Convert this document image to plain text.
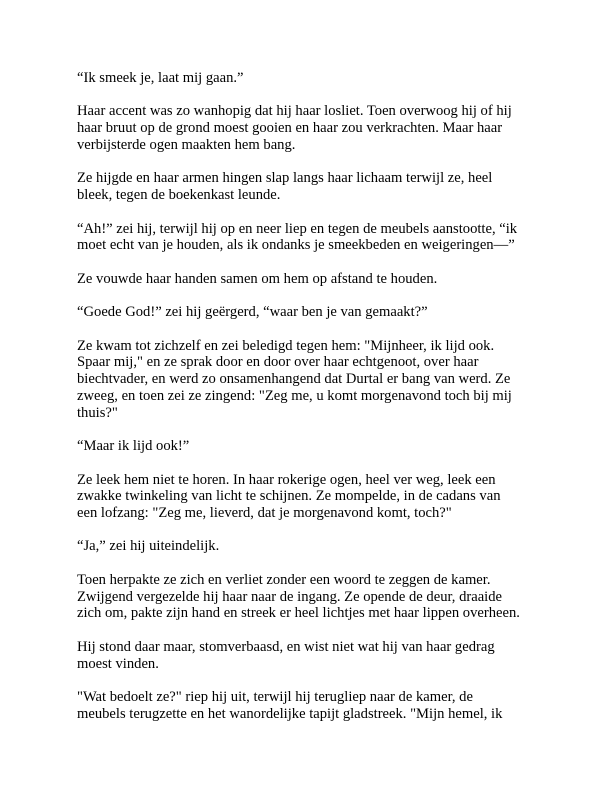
“Ik smeek je, laat mij gaan.”

Haar accent was zo wanhopig dat hij haar losliet. Toen overwoog hij of hij
haar bruut op de grond moest gooien en haar zou verkrachten. Maar haar
verbijsterde ogen maakten hem bang.

Ze hijgde en haar armen hingen slap langs haar lichaam terwijl ze, heel
bleek, tegen de boekenkast leunde.

“Ah!” zei hij, terwijl hij op en neer liep en tegen de meubels aanstootte, “ik
moet echt van je houden, als ik ondanks je smeekbeden en weigeringen—”

Ze vouwde haar handen samen om hem op afstand te houden.

“Goede God!” zei hij geërgerd, “waar ben je van gemaakt?”

Ze kwam tot zichzelf en zei beledigd tegen hem: "Mijnheer, ik lijd ook.
Spaar mij," en ze sprak door en door over haar echtgenoot, over haar
biechtvader, en werd zo onsamenhangend dat Durtal er bang van werd. Ze
zweeg, en toen zei ze zingend: "Zeg me, u komt morgenavond toch bij mij
thuis?"

“Maar ik lijd ook!”

Ze leek hem niet te horen. In haar rokerige ogen, heel ver weg, leek een
zwakke twinkeling van licht te schijnen. Ze mompelde, in de cadans van
een lofzang: "Zeg me, lieverd, dat je morgenavond komt, toch?"

“Ja,” zei hij uiteindelijk.

Toen herpakte ze zich en verliet zonder een woord te zeggen de kamer.
Zwijgend vergezelde hij haar naar de ingang. Ze opende de deur, draaide
zich om, pakte zijn hand en streek er heel lichtjes met haar lippen overheen.

Hij stond daar maar, stomverbaasd, en wist niet wat hij van haar gedrag
moest vinden.

"Wat bedoelt ze?" riep hij uit, terwijl hij terugliep naar de kamer, de
meubels terugzette en het wanordelijke tapijt gladstreek. "Mijn hemel, ik
